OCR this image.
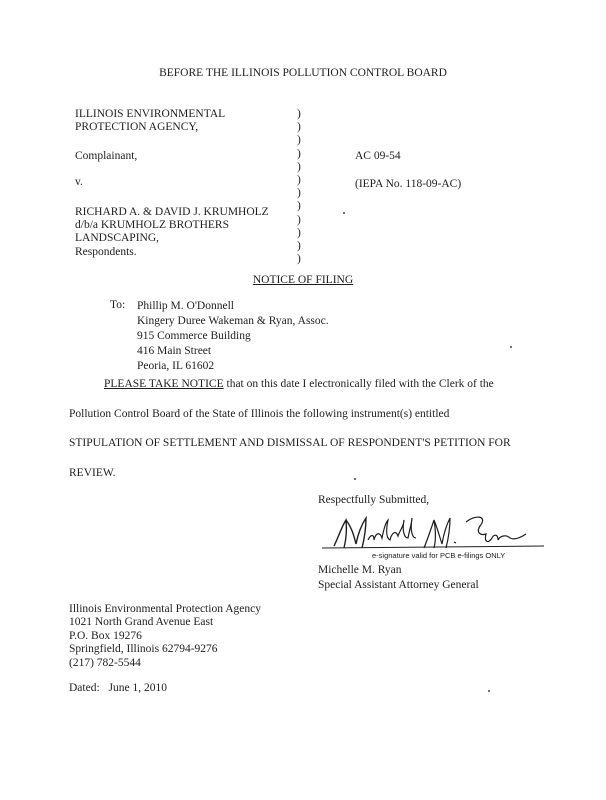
BEFORE THE ILLINOIS POLLUTION CONTROL BOARD
ILLINOIS ENVIRONMENTAL
PROTECTION AGENCY,
Complainant,
v.
RICHARD A. & DAVID J. KRUMHOLZ
d/b/a KRUMHOLZ BROTHERS
LANDSCAPING,
Respondents.
)
)
)
)
)
)
)
)
)
)
)
)
AC 09-54
(IEPA No. 118-09-AC)
NOTICE OF FILING
To: Phillip M. O'Donnell
Kingery Duree Wakeman & Ryan, Assoc.
915 Commerce Building
416 Main Street
Peoria, IL 61602
PLEASE TAKE NOTICE that on this date I electronically filed with the Clerk of the
Pollution Control Board of the State of Illinois the following instrument(s) entitled
STIPULATION OF SETTLEMENT AND DISMISSAL OF RESPONDENT'S PETITION FOR
REVIEW.
Respectfully Submitted,
e-signature valid for PCB e-filings ONLY
Michelle M. Ryan
Special Assistant Attorney General
Illinois Environmental Protection Agency
1021 North Grand Avenue East
P.O. Box 19276
Springfield, Illinois 62794-9276
(217) 782-5544
Dated: June 1, 2010
